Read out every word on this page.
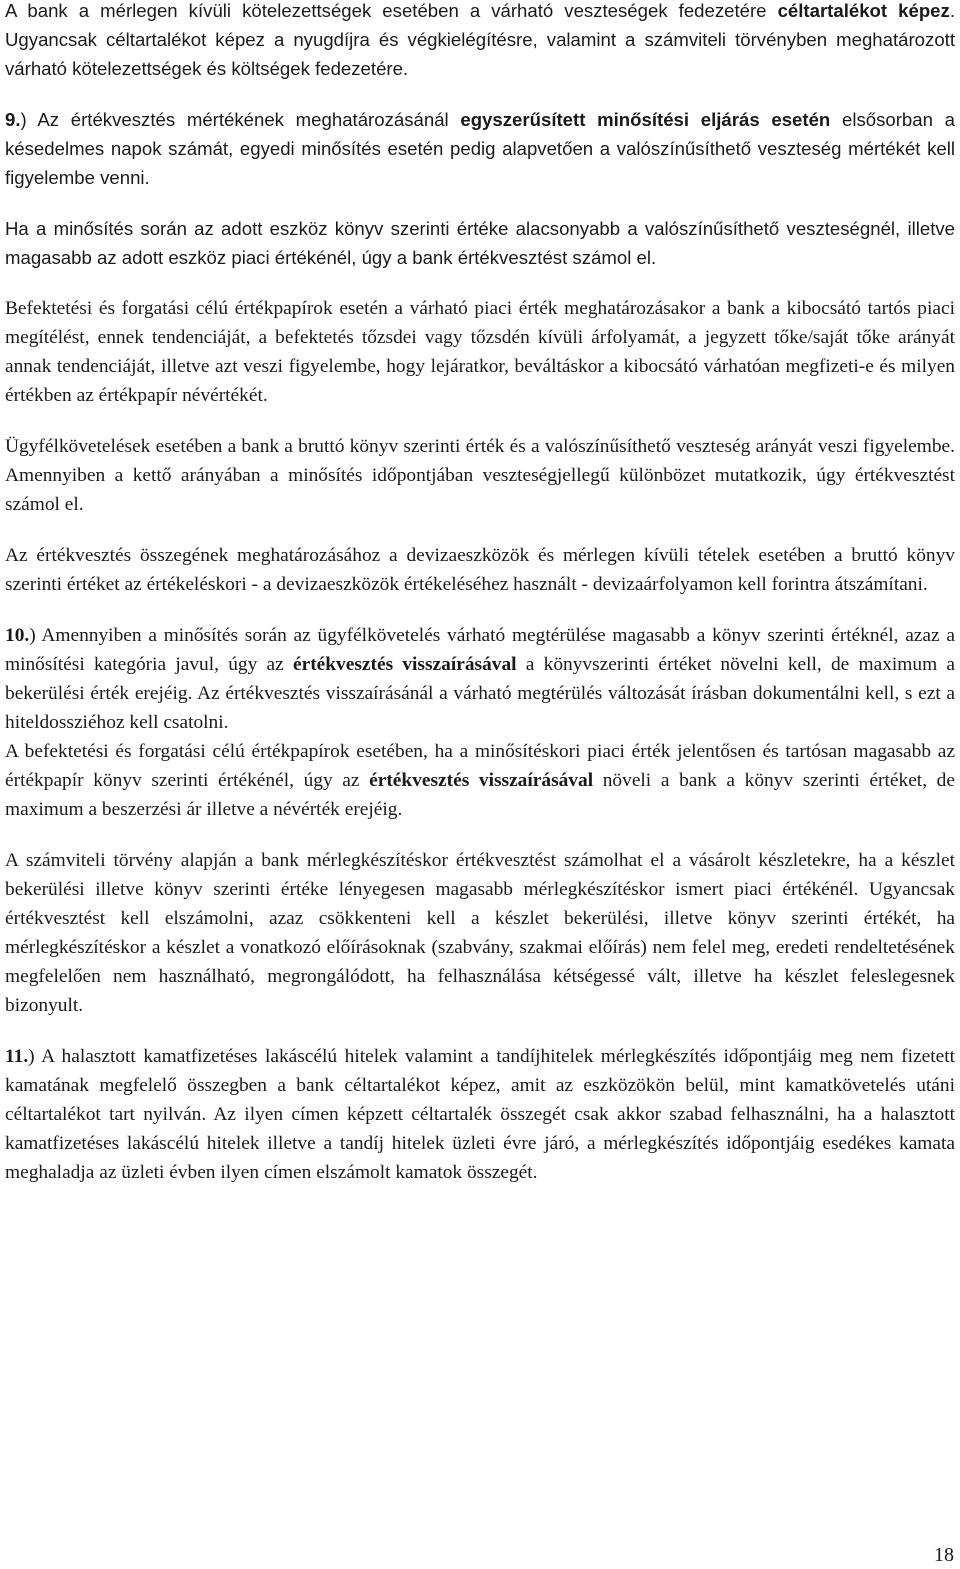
A bank a mérlegen kívüli kötelezettségek esetében a várható veszteségek fedezetére céltartalékot képez. Ugyancsak céltartalékot képez a nyugdíjra és végkielégítésre, valamint a számviteli törvényben meghatározott várható kötelezettségek és költségek fedezetére.

9.) Az értékvesztés mértékének meghatározásánál egyszerűsített minősítési eljárás esetén elsősorban a késedelmes napok számát, egyedi minősítés esetén pedig alapvetően a valószínűsíthető veszteség mértékét kell figyelembe venni.

Ha a minősítés során az adott eszköz könyv szerinti értéke alacsonyabb a valószínűsíthető veszteségnél, illetve magasabb az adott eszköz piaci értékénél, úgy a bank értékvesztést számol el.

Befektetési és forgatási célú értékpapírok esetén a várható piaci érték meghatározásakor a bank a kibocsátó tartós piaci megítélést, ennek tendenciáját, a befektetés tőzsdei vagy tőzsdén kívüli árfolyamát, a jegyzett tőke/saját tőke arányát annak tendenciáját, illetve azt veszi figyelembe, hogy lejáratkor, beváltáskor a kibocsátó várhatóan megfizeti-e és milyen értékben az értékpapír névértékét.

Ügyfélkövetelések esetében a bank a bruttó könyv szerinti érték és a valószínűsíthető veszteség arányát veszi figyelembe. Amennyiben a kettő arányában a minősítés időpontjában veszteségjellegű különbözet mutatkozik, úgy értékvesztést számol el.

Az értékvesztés összegének meghatározásához a devizaeszközök és mérlegen kívüli tételek esetében a bruttó könyv szerinti értéket az értékeléskori - a devizaeszközök értékeléséhez használt - devizaárfolyamon kell forintra átszámítani.

10.) Amennyiben a minősítés során az ügyfélkövetelés várható megtérülése magasabb a könyv szerinti értéknél, azaz a minősítési kategória javul, úgy az értékvesztés visszaírásával a könyvszerinti értéket növelni kell, de maximum a bekerülési érték erejéig. Az értékvesztés visszaírásánál a várható megtérülés változását írásban dokumentálni kell, s ezt a hiteldossziéhoz kell csatolni.

A befektetési és forgatási célú értékpapírok esetében, ha a minősítéskori piaci érték jelentősen és tartósan magasabb az értékpapír könyv szerinti értékénél, úgy az értékvesztés visszaírásával növeli a bank a könyv szerinti értéket, de maximum a beszerzési ár illetve a névérték erejéig.

A számviteli törvény alapján a bank mérlegkészítéskor értékvesztést számolhat el a vásárolt készletekre, ha a készlet bekerülési illetve könyv szerinti értéke lényegesen magasabb mérlegkészítéskor ismert piaci értékénél. Ugyancsak értékvesztést kell elszámolni, azaz csökkenteni kell a készlet bekerülési, illetve könyv szerinti értékét, ha mérlegkészítéskor a készlet a vonatkozó előírásoknak (szabvány, szakmai előírás) nem felel meg, eredeti rendeltetésének megfelelően nem használható, megrongálódott, ha felhasználása kétségessé vált, illetve ha készlet feleslegesnek bizonyult.

11.) A halasztott kamatfizetéses lakáscélú hitelek valamint a tandíjhitelek mérlegkészítés időpontjáig meg nem fizetett kamatának megfelelő összegben a bank céltartalékot képez, amit az eszközökön belül, mint kamatkövetelés utáni céltartalékot tart nyilván. Az ilyen címen képzett céltartalék összegét csak akkor szabad felhasználni, ha a halasztott kamatfizetéses lakáscélú hitelek illetve a tandíj hitelek üzleti évre járó, a mérlegkészítés időpontjáig esedékes kamata meghaladja az üzleti évben ilyen címen elszámolt kamatok összegét.

18
